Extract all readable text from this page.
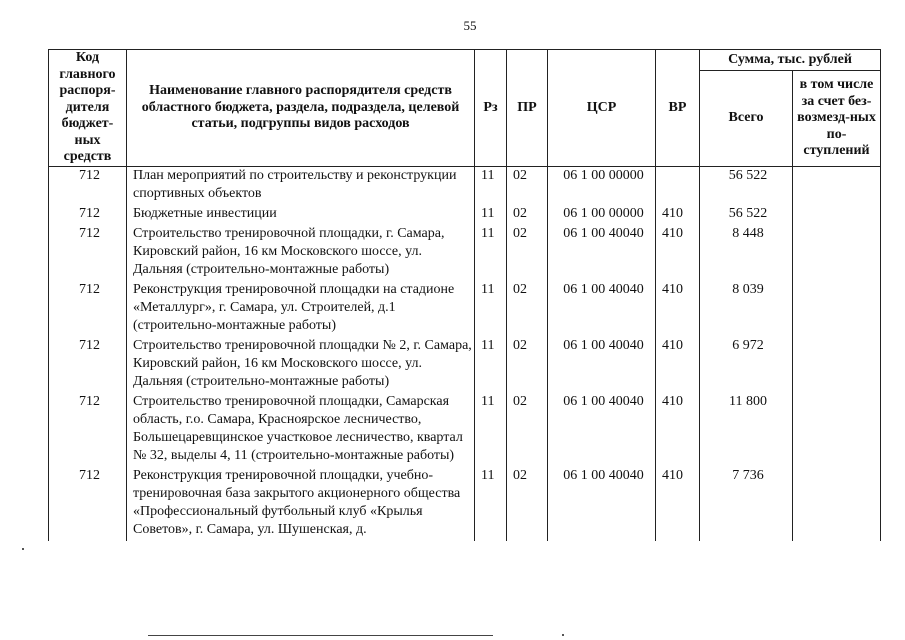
55
Код главного распоря-дителя бюджет-ных средств	Наименование главного распорядителя средств областного бюджета, раздела, подраздела, целевой статьи, подгруппы видов расходов	Рз	ПР	ЦСР	ВР	Сумма, тыс. рублей	
						Всего	в том числе за счет без-возмезд-ных по-ступлений
712	План мероприятий по строительству и реконструкции спортивных объектов	11	02	06 1 00 00000		56 522	
712	Бюджетные инвестиции	11	02	06 1 00 00000	410	56 522	
712	Строительство тренировочной площадки, г. Самара, Кировский район, 16 км Московского шоссе, ул. Дальняя (строительно-монтажные работы)	11	02	06 1 00 40040	410	8 448	
712	Реконструкция тренировочной площадки на стадионе «Металлург», г. Самара, ул. Строителей, д.1 (строительно-монтажные работы)	11	02	06 1 00 40040	410	8 039	
712	Строительство тренировочной площадки № 2, г. Самара, Кировский район, 16 км Московского шоссе, ул. Дальняя (строительно-монтажные работы)	11	02	06 1 00 40040	410	6 972	
712	Строительство тренировочной площадки, Самарская область, г.о. Самара, Красноярское лесничество, Большецаревщинское участковое лесничество, квартал № 32, выделы 4, 11 (строительно-монтажные работы)	11	02	06 1 00 40040	410	11 800	
712	Реконструкция тренировочной площадки, учебно-тренировочная база закрытого акционерного общества «Профессиональный футбольный клуб «Крылья Советов», г. Самара, ул. Шушенская, д.	11	02	06 1 00 40040	410	7 736	
